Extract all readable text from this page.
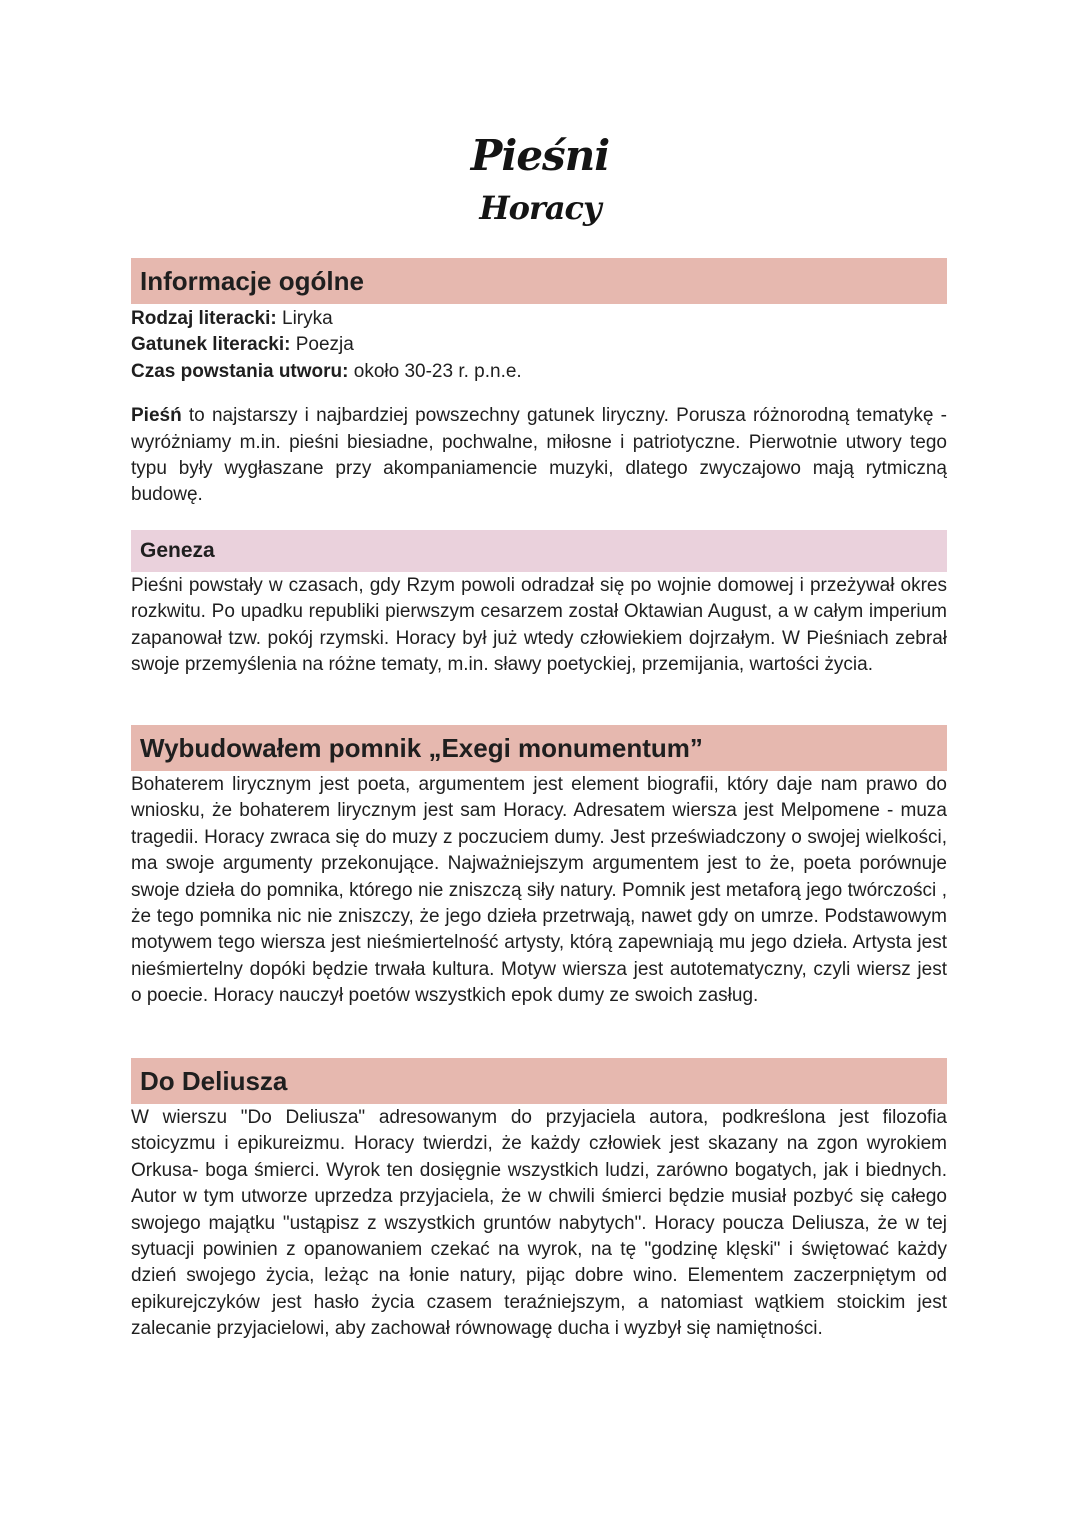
Pieśni
Horacy
Informacje ogólne
Rodzaj literacki: Liryka
Gatunek literacki: Poezja
Czas powstania utworu: około 30-23 r. p.n.e.
Pieśń to najstarszy i najbardziej powszechny gatunek liryczny. Porusza różnorodną tematykę - wyróżniamy m.in. pieśni biesiadne, pochwalne, miłosne i patriotyczne. Pierwotnie utwory tego typu były wygłaszane przy akompaniamencie muzyki, dlatego zwyczajowo mają rytmiczną budowę.
Geneza
Pieśni powstały w czasach, gdy Rzym powoli odradzał się po wojnie domowej i przeżywał okres rozkwitu. Po upadku republiki pierwszym cesarzem został Oktawian August, a w całym imperium zapanował tzw. pokój rzymski. Horacy był już wtedy człowiekiem dojrzałym. W Pieśniach zebrał swoje przemyślenia na różne tematy, m.in. sławy poetyckiej, przemijania, wartości życia.
Wybudowałem pomnik „Exegi monumentum”
Bohaterem lirycznym jest poeta, argumentem jest element biografii, który daje nam prawo do wniosku, że bohaterem lirycznym jest sam Horacy. Adresatem wiersza jest Melpomene - muza tragedii. Horacy zwraca się do muzy z poczuciem dumy. Jest przeświadczony o swojej wielkości, ma swoje argumenty przekonujące. Najważniejszym argumentem jest to że, poeta porównuje swoje dzieła do pomnika, którego nie zniszczą siły natury. Pomnik jest metaforą jego twórczości , że tego pomnika nic nie zniszczy, że jego dzieła przetrwają, nawet gdy on umrze. Podstawowym motywem tego wiersza jest nieśmiertelność artysty, którą zapewniają mu jego dzieła. Artysta jest nieśmiertelny dopóki będzie trwała kultura. Motyw wiersza jest autotematyczny, czyli wiersz jest o poecie. Horacy nauczył poetów wszystkich epok dumy ze swoich zasług.
Do Deliusza
W wierszu "Do Deliusza" adresowanym do przyjaciela autora, podkreślona jest filozofia stoicyzmu i epikureizmu. Horacy twierdzi, że każdy człowiek jest skazany na zgon wyrokiem Orkusa- boga śmierci. Wyrok ten dosięgnie wszystkich ludzi, zarówno bogatych, jak i biednych. Autor w tym utworze uprzedza przyjaciela, że w chwili śmierci będzie musiał pozbyć się całego swojego majątku "ustąpisz z wszystkich gruntów nabytych". Horacy poucza Deliusza, że w tej sytuacji powinien z opanowaniem czekać na wyrok, na tę "godzinę klęski" i świętować każdy dzień swojego życia, leżąc na łonie natury, pijąc dobre wino. Elementem zaczerpniętym od epikurejczyków jest hasło życia czasem teraźniejszym, a natomiast wątkiem stoickim jest zalecanie przyjacielowi, aby zachował równowagę ducha i wyzbył się namiętności.
